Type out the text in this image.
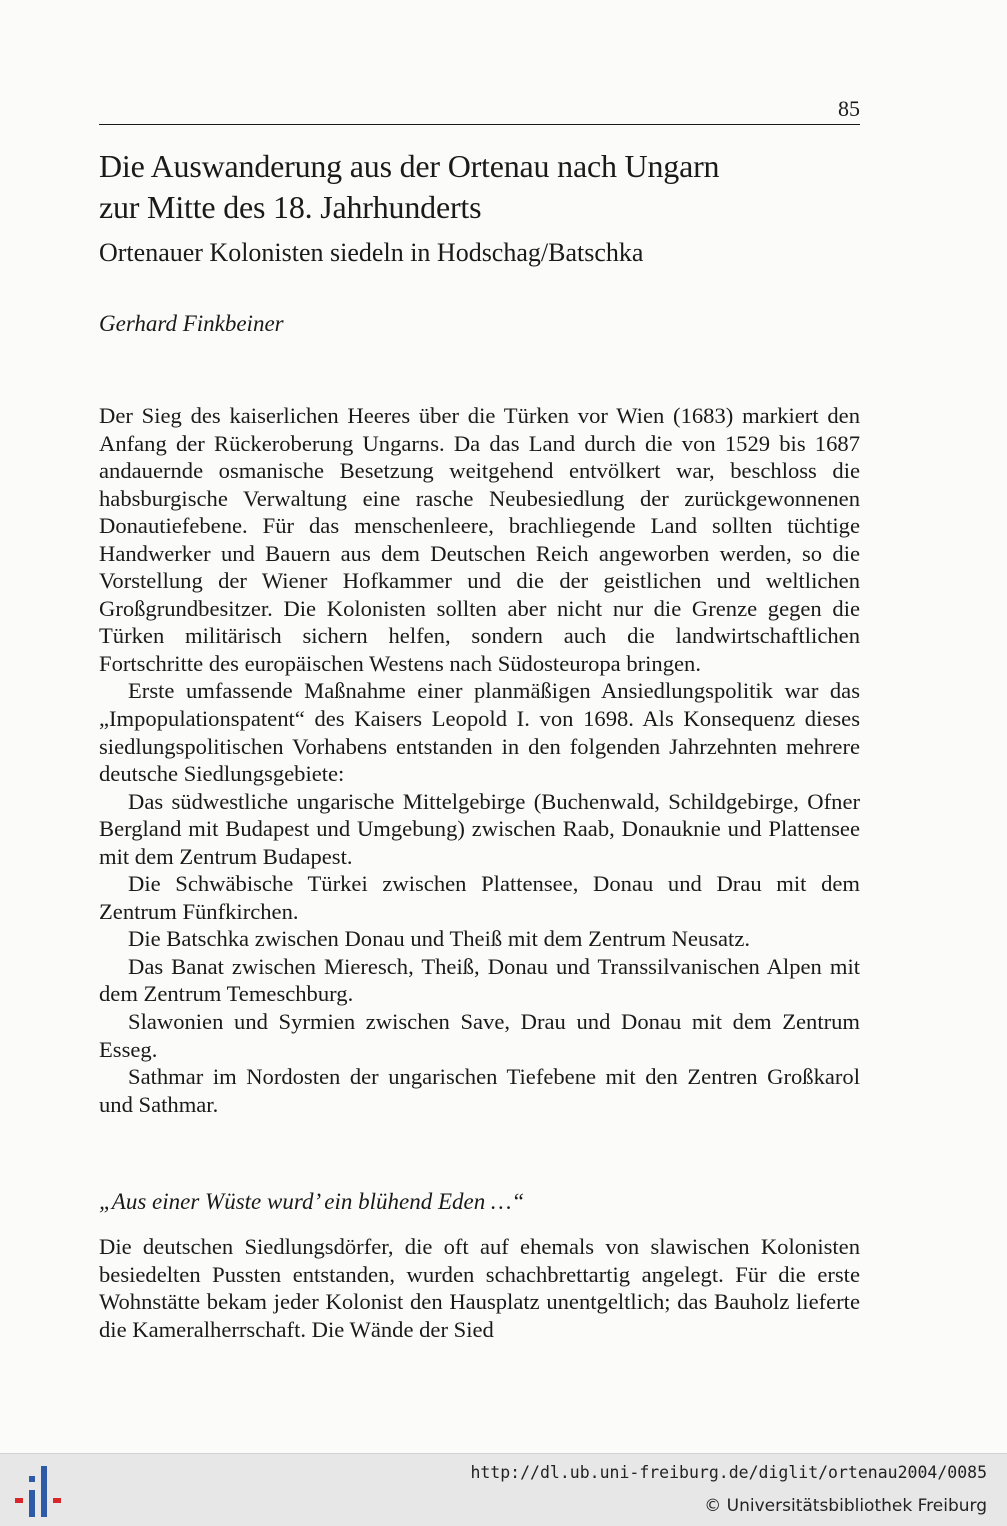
85
Die Auswanderung aus der Ortenau nach Ungarn
zur Mitte des 18. Jahrhunderts
Ortenauer Kolonisten siedeln in Hodschag/Batschka

Gerhard Finkbeiner

Der Sieg des kaiserlichen Heeres über die Türken vor Wien (1683) markiert den Anfang der Rückeroberung Ungarns. Da das Land durch die von 1529 bis 1687 andauernde osmanische Besetzung weitgehend entvölkert war, beschloss die habsburgische Verwaltung eine rasche Neubesiedlung der zurückgewonnenen Donautiefebene. Für das menschenleere, brachliegende Land sollten tüchtige Handwerker und Bauern aus dem Deutschen Reich angeworben werden, so die Vorstellung der Wiener Hofkammer und die der geistlichen und weltlichen Großgrundbesitzer. Die Kolonisten sollten aber nicht nur die Grenze gegen die Türken militärisch sichern helfen, sondern auch die landwirtschaftlichen Fortschritte des europäischen Westens nach Südosteuropa bringen.

Erste umfassende Maßnahme einer planmäßigen Ansiedlungspolitik war das „Impopulationspatent“ des Kaisers Leopold I. von 1698. Als Konsequenz dieses siedlungspolitischen Vorhabens entstanden in den folgenden Jahrzehnten mehrere deutsche Siedlungsgebiete:

Das südwestliche ungarische Mittelgebirge (Buchenwald, Schildgebirge, Ofner Bergland mit Budapest und Umgebung) zwischen Raab, Donauknie und Plattensee mit dem Zentrum Budapest.

Die Schwäbische Türkei zwischen Plattensee, Donau und Drau mit dem Zentrum Fünfkirchen.

Die Batschka zwischen Donau und Theiß mit dem Zentrum Neusatz.

Das Banat zwischen Mieresch, Theiß, Donau und Transsilvanischen Alpen mit dem Zentrum Temeschburg.

Slawonien und Syrmien zwischen Save, Drau und Donau mit dem Zentrum Esseg.

Sathmar im Nordosten der ungarischen Tiefebene mit den Zentren Großkarol und Sathmar.

„Aus einer Wüste wurd’ ein blühend Eden …“

Die deutschen Siedlungsdörfer, die oft auf ehemals von slawischen Kolonisten besiedelten Pussten entstanden, wurden schachbrettartig angelegt. Für die erste Wohnstätte bekam jeder Kolonist den Hausplatz unentgeltlich; das Bauholz lieferte die Kameralherrschaft. Die Wände der Sied

http://dl.ub.uni-freiburg.de/diglit/ortenau2004/0085
© Universitätsbibliothek Freiburg
